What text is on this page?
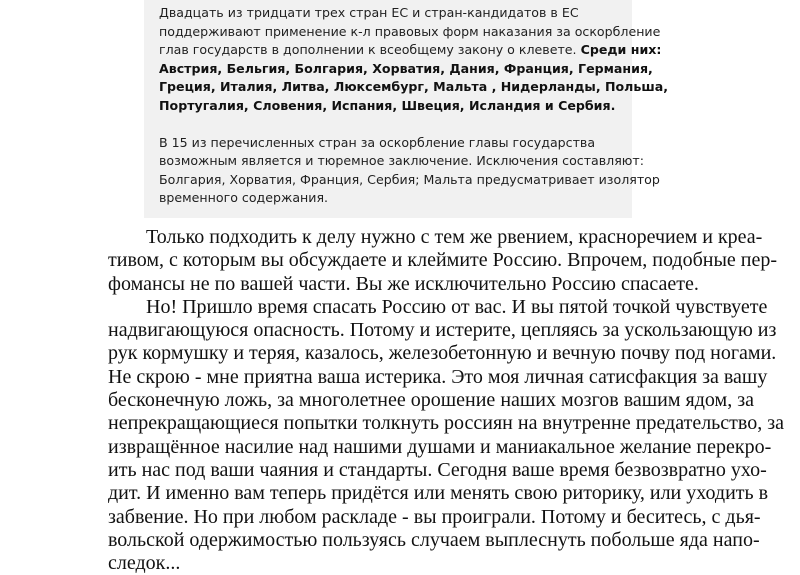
Двадцать из тридцати трех стран ЕС и стран-кандидатов в ЕС

поддерживают применение к-л правовых форм наказания за оскорбление

глав государств в дополнении к всеобщему закону о клевете. Среди них:

Австрия, Бельгия, Болгария, Хорватия, Дания, Франция, Германия,

Греция, Италия, Литва, Люксембург, Мальта , Нидерланды, Польша,

Португалия, Словения, Испания, Швеция, Исландия и Сербия.

В 15 из перечисленных стран за оскорбление главы государства

возможным является и тюремное заключение. Исключения составляют:

Болгария, Хорватия, Франция, Сербия; Мальта предусматривает изолятор

временного содержания.

Только подходить к делу нужно с тем же рвением, красноречием и креа-
тивом, с которым вы обсуждаете и клеймите Россию. Впрочем, подобные пер-
фомансы не по вашей части. Вы же исключительно Россию спасаете.
Но! Пришло время спасать Россию от вас. И вы пятой точкой чувствуете
надвигающуюся опасность. Потому и истерите, цепляясь за ускользающую из
рук кормушку и теряя, казалось, железобетонную и вечную почву под ногами.
Не скрою - мне приятна ваша истерика. Это моя личная сатисфакция за вашу
бесконечную ложь, за многолетнее орошение наших мозгов вашим ядом, за
непрекращающиеся попытки толкнуть россиян на внутренне предательство, за
извращённое насилие над нашими душами и маниакальное желание перекро-
ить нас под ваши чаяния и стандарты. Сегодня ваше время безвозвратно ухо-
дит. И именно вам теперь придётся или менять свою риторику, или уходить в
забвение. Но при любом раскладе - вы проиграли. Потому и беситесь, с дья-
вольской одержимостью пользуясь случаем выплеснуть побольше яда напо-
следок...
